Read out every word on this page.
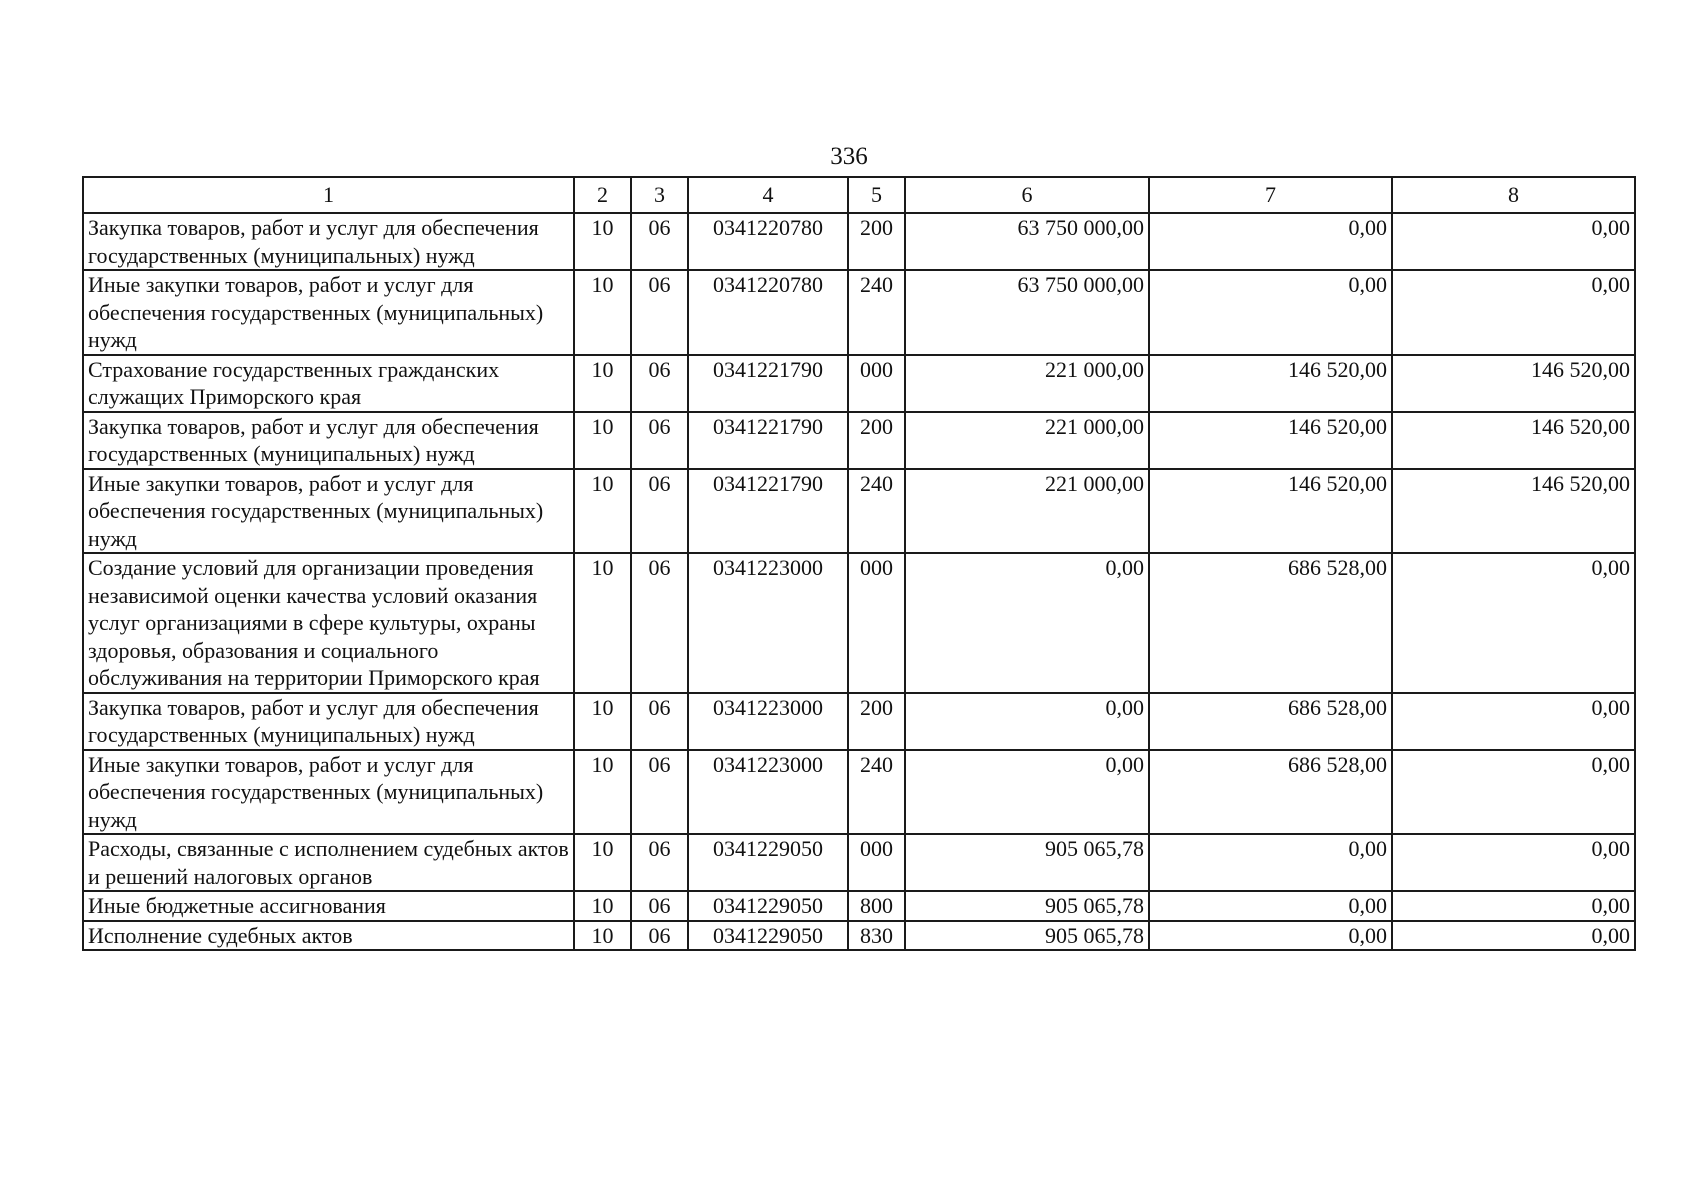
336
1	2	3	4	5	6	7	8
Закупка товаров, работ и услуг для обеспечения государственных (муниципальных) нужд	10	06	0341220780	200	63 750 000,00	0,00	0,00
Иные закупки товаров, работ и услуг для обеспечения государственных (муниципальных) нужд	10	06	0341220780	240	63 750 000,00	0,00	0,00
Страхование государственных гражданских служащих Приморского края	10	06	0341221790	000	221 000,00	146 520,00	146 520,00
Закупка товаров, работ и услуг для обеспечения государственных (муниципальных) нужд	10	06	0341221790	200	221 000,00	146 520,00	146 520,00
Иные закупки товаров, работ и услуг для обеспечения государственных (муниципальных) нужд	10	06	0341221790	240	221 000,00	146 520,00	146 520,00
Создание условий для организации проведения независимой оценки качества условий оказания услуг организациями в сфере культуры, охраны здоровья, образования и социального обслуживания на территории Приморского края	10	06	0341223000	000	0,00	686 528,00	0,00
Закупка товаров, работ и услуг для обеспечения государственных (муниципальных) нужд	10	06	0341223000	200	0,00	686 528,00	0,00
Иные закупки товаров, работ и услуг для обеспечения государственных (муниципальных) нужд	10	06	0341223000	240	0,00	686 528,00	0,00
Расходы, связанные с исполнением судебных актов и решений налоговых органов	10	06	0341229050	000	905 065,78	0,00	0,00
Иные бюджетные ассигнования	10	06	0341229050	800	905 065,78	0,00	0,00
Исполнение судебных актов	10	06	0341229050	830	905 065,78	0,00	0,00
